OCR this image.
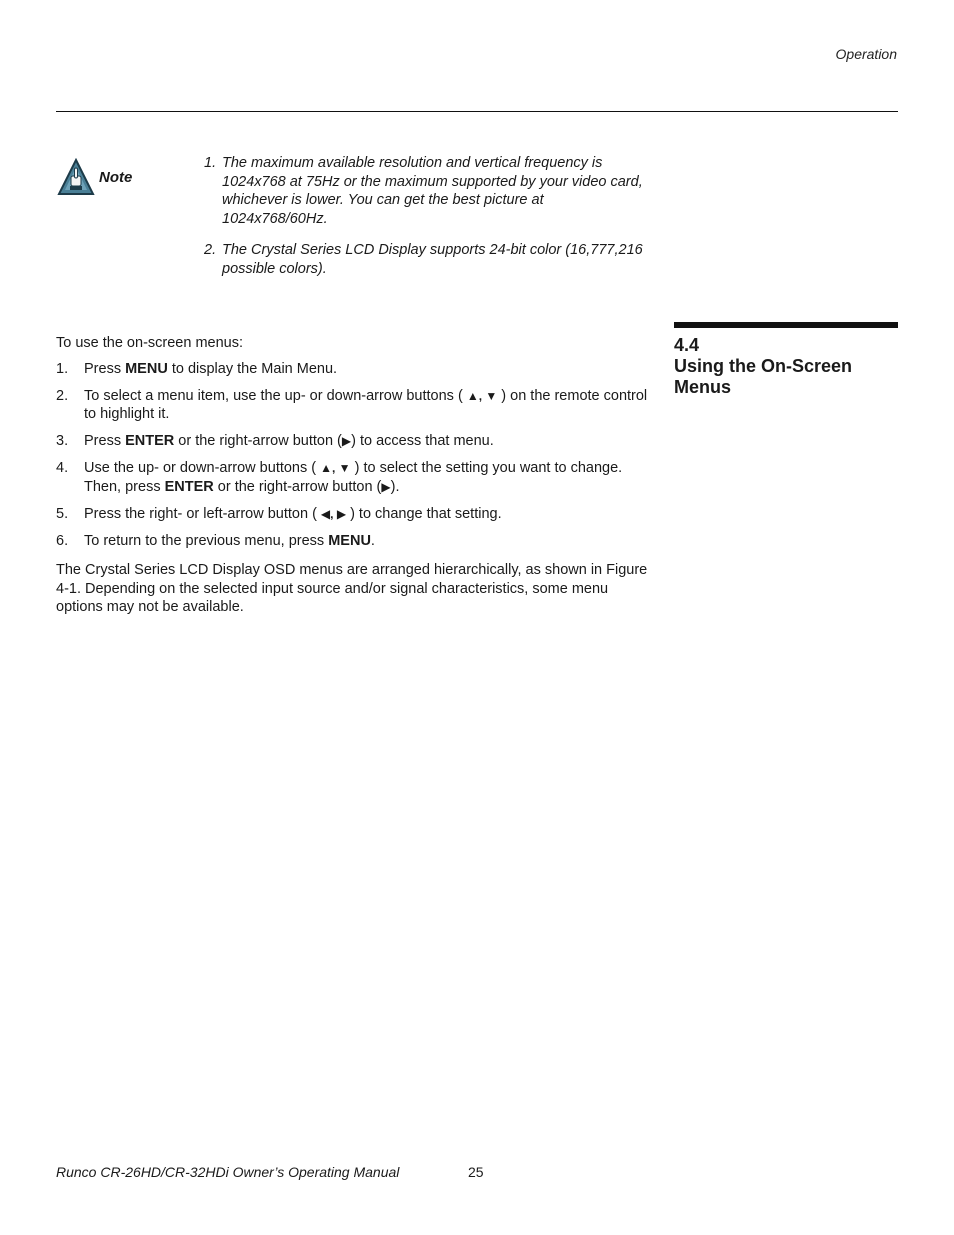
Operation
Note
1. The maximum available resolution and vertical frequency is 1024x768 at 75Hz or the maximum supported by your video card, whichever is lower. You can get the best picture at 1024x768/60Hz.
2. The Crystal Series LCD Display supports 24-bit color (16,777,216 possible colors).
4.4
Using the On-Screen Menus
To use the on-screen menus:
1.	Press MENU to display the Main Menu.
2.	To select a menu item, use the up- or down-arrow buttons ( ▲, ▼ ) on the remote control to highlight it.
3.	Press ENTER or the right-arrow button (▶) to access that menu.
4.	Use the up- or down-arrow buttons ( ▲, ▼ ) to select the setting you want to change. Then, press ENTER or the right-arrow button (▶).
5.	Press the right- or left-arrow button ( ◀, ▶ ) to change that setting.
6.	To return to the previous menu, press MENU.
The Crystal Series LCD Display OSD menus are arranged hierarchically, as shown in Figure 4-1. Depending on the selected input source and/or signal characteristics, some menu options may not be available.
Runco CR-26HD/CR-32HDi Owner’s Operating Manual	25
